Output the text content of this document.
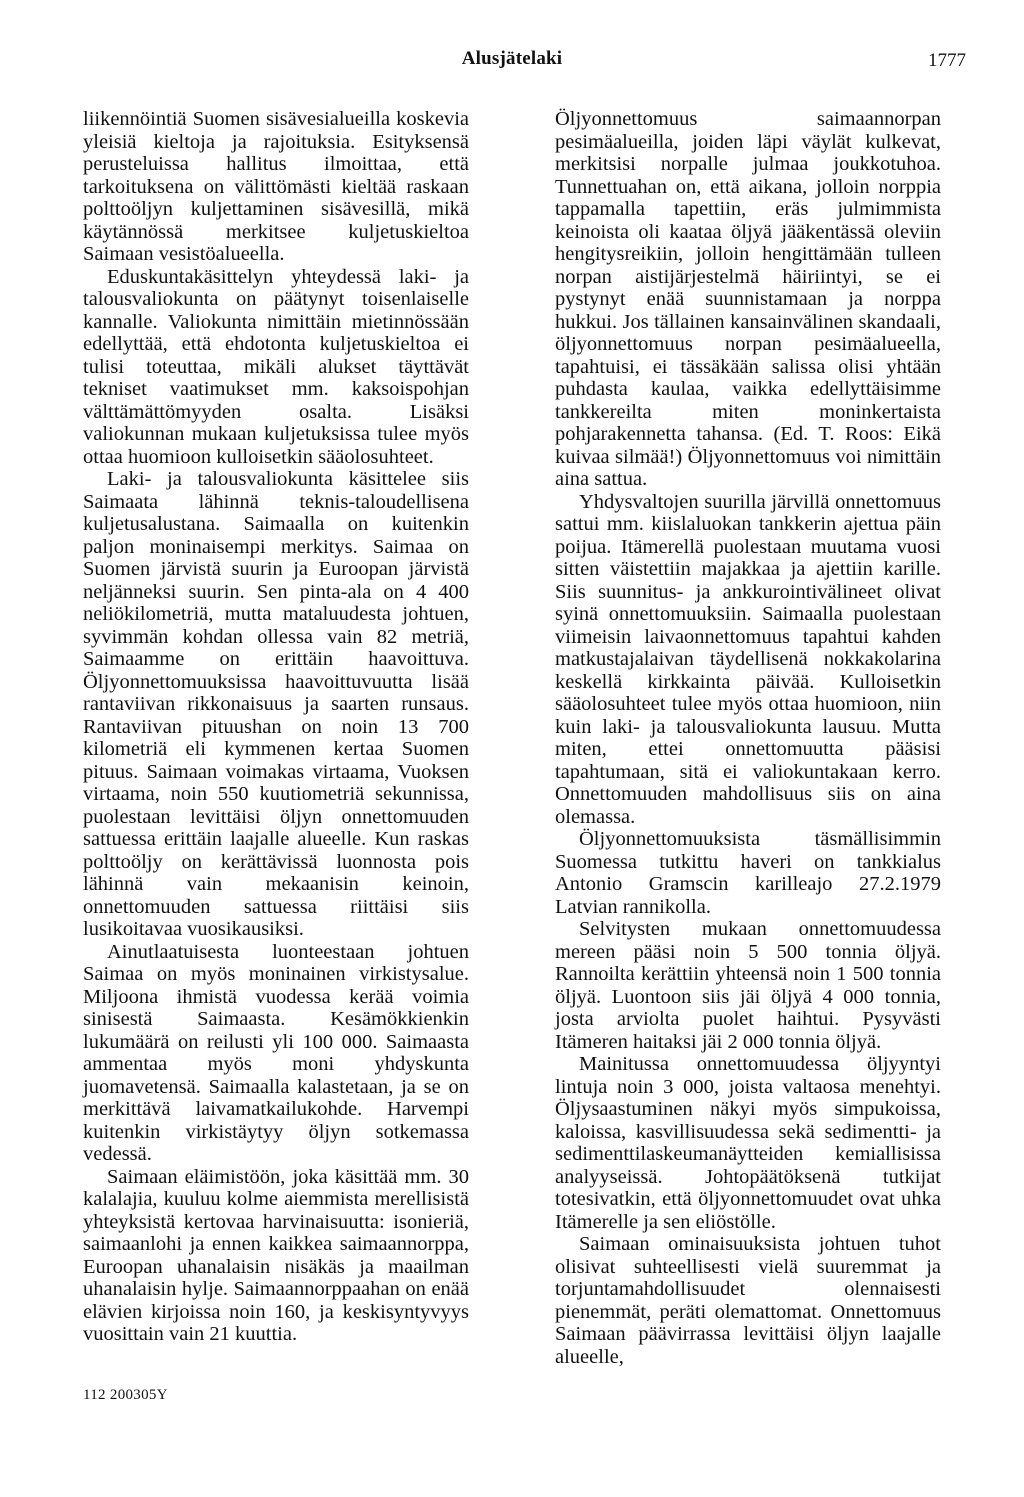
Alusjätelaki	1777

liikennöintiä Suomen sisävesialueilla koskevia yleisiä kieltoja ja rajoituksia. Esityksensä perusteluissa hallitus ilmoittaa, että tarkoituksena on välittömästi kieltää raskaan polttoöljyn kuljettaminen sisävesillä, mikä käytännössä merkitsee kuljetuskieltoa Saimaan vesistöalueella.

Eduskuntakäsittelyn yhteydessä laki- ja talousvaliokunta on päätynyt toisenlaiselle kannalle. Valiokunta nimittäin mietinnössään edellyttää, että ehdotonta kuljetuskieltoa ei tulisi toteuttaa, mikäli alukset täyttävät tekniset vaatimukset mm. kaksoispohjan välttämättömyyden osalta. Lisäksi valiokunnan mukaan kuljetuksissa tulee myös ottaa huomioon kulloisetkin sääolosuhteet.

Laki- ja talousvaliokunta käsittelee siis Saimaata lähinnä teknis-taloudellisena kuljetusalustana. Saimaalla on kuitenkin paljon moninaisempi merkitys. Saimaa on Suomen järvistä suurin ja Euroopan järvistä neljänneksi suurin. Sen pinta-ala on 4 400 neliökilometriä, mutta mataluudesta johtuen, syvimmän kohdan ollessa vain 82 metriä, Saimaamme on erittäin haavoittuva. Öljyonnettomuuksissa haavoittuvuutta lisää rantaviivan rikkonaisuus ja saarten runsaus. Rantaviivan pituushan on noin 13 700 kilometriä eli kymmenen kertaa Suomen pituus. Saimaan voimakas virtaama, Vuoksen virtaama, noin 550 kuutiometriä sekunnissa, puolestaan levittäisi öljyn onnettomuuden sattuessa erittäin laajalle alueelle. Kun raskas polttoöljy on kerättävissä luonnosta pois lähinnä vain mekaanisin keinoin, onnettomuuden sattuessa riittäisi siis lusikoitavaa vuosikausiksi.

Ainutlaatuisesta luonteestaan johtuen Saimaa on myös moninainen virkistysalue. Miljoona ihmistä vuodessa kerää voimia sinisestä Saimaasta. Kesämökkienkin lukumäärä on reilusti yli 100 000. Saimaasta ammentaa myös moni yhdyskunta juomavetensä. Saimaalla kalastetaan, ja se on merkittävä laivamatkailukohde. Harvempi kuitenkin virkistäytyy öljyn sotkemassa vedessä.

Saimaan eläimistöön, joka käsittää mm. 30 kalalajia, kuuluu kolme aiemmista merellisistä yhteyksistä kertovaa harvinaisuutta: isonieriä, saimaanlohi ja ennen kaikkea saimaannorppa, Euroopan uhanalaisin nisäkäs ja maailman uhanalaisin hylje. Saimaannorppaahan on enää elävien kirjoissa noin 160, ja keskisyntyvyys vuosittain vain 21 kuuttia.

Öljyonnettomuus saimaannorpan pesimäalueilla, joiden läpi väylät kulkevat, merkitsisi norpalle julmaa joukkotuhoa. Tunnettuahan on, että aikana, jolloin norppia tappamalla tapettiin, eräs julmimmista keinoista oli kaataa öljyä jääkentässä oleviin hengitysreikiin, jolloin hengittämään tulleen norpan aistijärjestelmä häiriintyi, se ei pystynyt enää suunnistamaan ja norppa hukkui. Jos tällainen kansainvälinen skandaali, öljyonnettomuus norpan pesimäalueella, tapahtuisi, ei tässäkään salissa olisi yhtään puhdasta kaulaa, vaikka edellyttäisimme tankkereilta miten moninkertaista pohjarakennetta tahansa. (Ed. T. Roos: Eikä kuivaa silmää!) Öljyonnettomuus voi nimittäin aina sattua.

Yhdysvaltojen suurilla järvillä onnettomuus sattui mm. kiislaluokan tankkerin ajettua päin poijua. Itämerellä puolestaan muutama vuosi sitten väistettiin majakkaa ja ajettiin karille. Siis suunnitus- ja ankkurointivälineet olivat syinä onnettomuuksiin. Saimaalla puolestaan viimeisin laivaonnettomuus tapahtui kahden matkustajalaivan täydellisenä nokkakolarina keskellä kirkkainta päivää. Kulloisetkin sääolosuhteet tulee myös ottaa huomioon, niin kuin laki- ja talousvaliokunta lausuu. Mutta miten, ettei onnettomuutta pääsisi tapahtumaan, sitä ei valiokuntakaan kerro. Onnettomuuden mahdollisuus siis on aina olemassa.

Öljyonnettomuuksista täsmällisimmin Suomessa tutkittu haveri on tankkialus Antonio Gramscin karilleajo 27.2.1979 Latvian rannikolla.

Selvitysten mukaan onnettomuudessa mereen pääsi noin 5 500 tonnia öljyä. Rannoilta kerättiin yhteensä noin 1 500 tonnia öljyä. Luontoon siis jäi öljyä 4 000 tonnia, josta arviolta puolet haihtui. Pysyvästi Itämeren haitaksi jäi 2 000 tonnia öljyä.

Mainitussa onnettomuudessa öljyyntyi lintuja noin 3 000, joista valtaosa menehtyi. Öljysaastuminen näkyi myös simpukoissa, kaloissa, kasvillisuudessa sekä sedimentti- ja sedimenttilaskeumanäytteiden kemiallisissa analyyseissä. Johtopäätöksenä tutkijat totesivatkin, että öljyonnettomuudet ovat uhka Itämerelle ja sen eliöstölle.

Saimaan ominaisuuksista johtuen tuhot olisivat suhteellisesti vielä suuremmat ja torjuntamahdollisuudet olennaisesti pienemmät, peräti olemattomat. Onnettomuus Saimaan päävirrassa levittäisi öljyn laajalle alueelle,

112 200305Y
